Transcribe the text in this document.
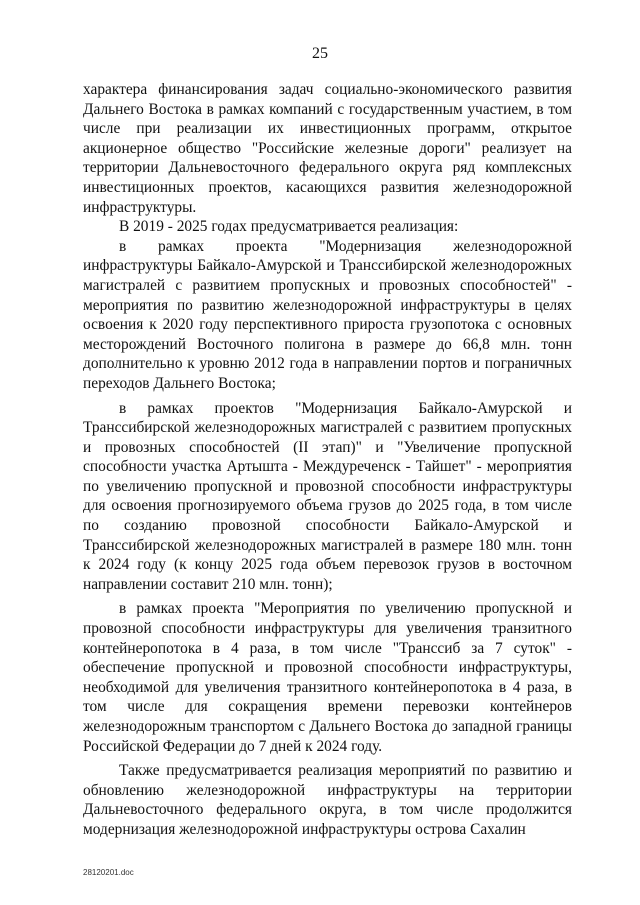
25

характера финансирования задач социально-экономического развития Дальнего Востока в рамках компаний с государственным участием, в том числе при реализации их инвестиционных программ, открытое акционерное общество "Российские железные дороги" реализует на территории Дальневосточного федерального округа ряд комплексных инвестиционных проектов, касающихся развития железнодорожной инфраструктуры.

В 2019 - 2025 годах предусматривается реализация:

в рамках проекта "Модернизация железнодорожной инфраструктуры Байкало-Амурской и Транссибирской железнодорожных магистралей с развитием пропускных и провозных способностей" - мероприятия по развитию железнодорожной инфраструктуры в целях освоения к 2020 году перспективного прироста грузопотока с основных месторождений Восточного полигона в размере до 66,8 млн. тонн дополнительно к уровню 2012 года в направлении портов и пограничных переходов Дальнего Востока;

в рамках проектов "Модернизация Байкало-Амурской и Транссибирской железнодорожных магистралей с развитием пропускных и провозных способностей (II этап)" и "Увеличение пропускной способности участка Артышта - Междуреченск - Тайшет" - мероприятия по увеличению пропускной и провозной способности инфраструктуры для освоения прогнозируемого объема грузов до 2025 года, в том числе по созданию провозной способности Байкало-Амурской и Транссибирской железнодорожных магистралей в размере 180 млн. тонн к 2024 году (к концу 2025 года объем перевозок грузов в восточном направлении составит 210 млн. тонн);

в рамках проекта "Мероприятия по увеличению пропускной и провозной способности инфраструктуры для увеличения транзитного контейнеропотока в 4 раза, в том числе "Транссиб за 7 суток" - обеспечение пропускной и провозной способности инфраструктуры, необходимой для увеличения транзитного контейнеропотока в 4 раза, в том числе для сокращения времени перевозки контейнеров железнодорожным транспортом с Дальнего Востока до западной границы Российской Федерации до 7 дней к 2024 году.

Также предусматривается реализация мероприятий по развитию и обновлению железнодорожной инфраструктуры на территории Дальневосточного федерального округа, в том числе продолжится модернизация железнодорожной инфраструктуры острова Сахалин

28120201.doc
